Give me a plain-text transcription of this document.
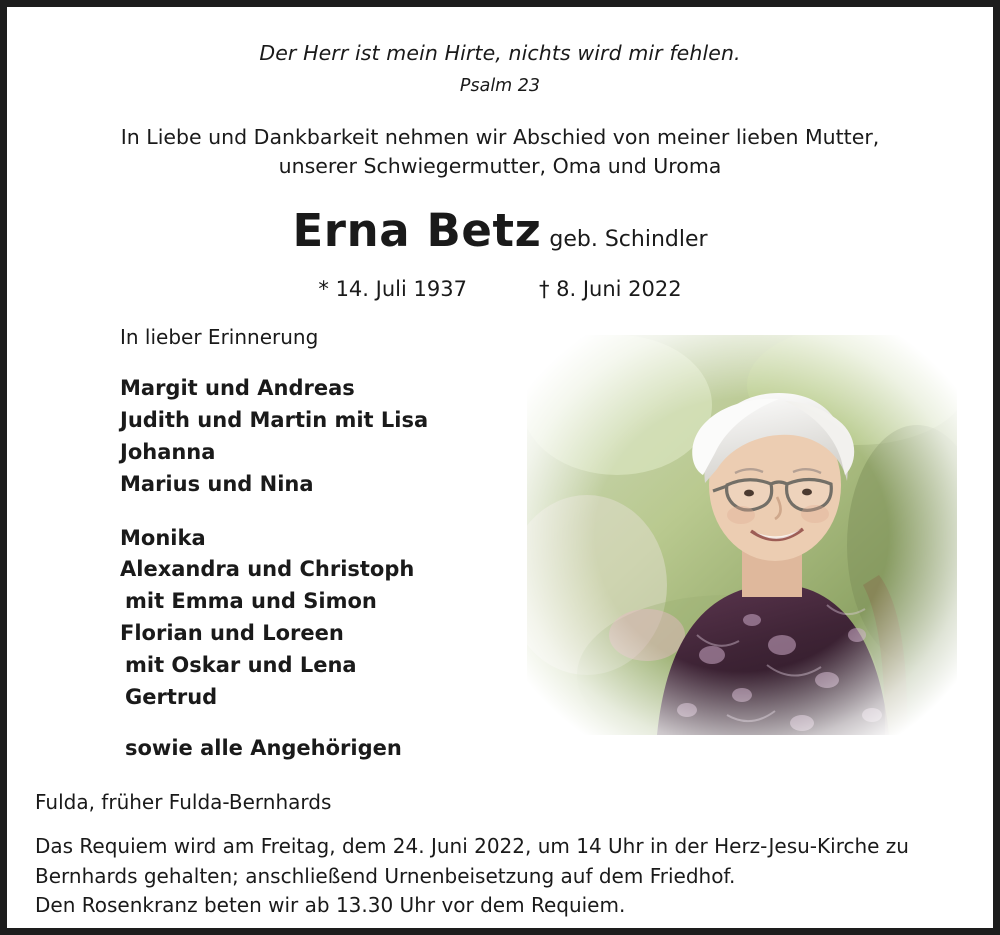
Der Herr ist mein Hirte, nichts wird mir fehlen.
Psalm 23
In Liebe und Dankbarkeit nehmen wir Abschied von meiner lieben Mutter,
unserer Schwiegermutter, Oma und Uroma
Erna Betz geb. Schindler
* 14. Juli 1937	† 8. Juni 2022
In lieber Erinnerung
Margit und Andreas
Judith und Martin mit Lisa
Johanna
Marius und Nina
Monika
Alexandra und Christoph
mit Emma und Simon
Florian und Loreen
mit Oskar und Lena
Gertrud
sowie alle Angehörigen
Fulda, früher Fulda-Bernhards
Das Requiem wird am Freitag, dem 24. Juni 2022, um 14 Uhr in der Herz-Jesu-Kirche zu
Bernhards gehalten; anschließend Urnenbeisetzung auf dem Friedhof.
Den Rosenkranz beten wir ab 13.30 Uhr vor dem Requiem.
